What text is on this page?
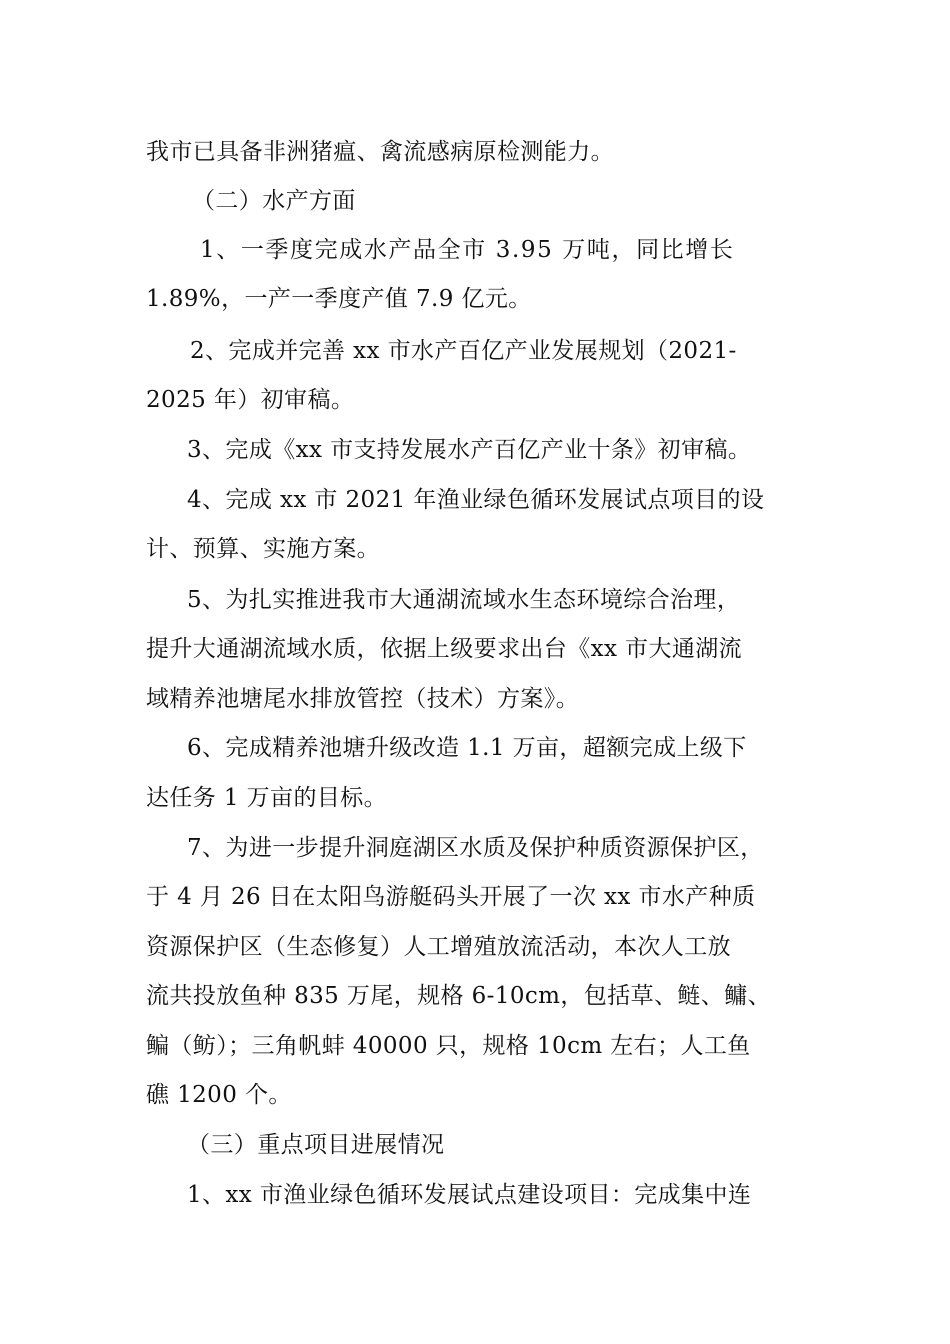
我市已具备非洲猪瘟、禽流感病原检测能力。
（二）水产方面
1、一季度完成水产品全市 3.95 万吨，同比增长
1.89%，一产一季度产值 7.9 亿元。
2、完成并完善 xx 市水产百亿产业发展规划（2021-
2025 年）初审稿。
3、完成《xx 市支持发展水产百亿产业十条》初审稿。
4、完成 xx 市 2021 年渔业绿色循环发展试点项目的设
计、预算、实施方案。
5、为扎实推进我市大通湖流域水生态环境综合治理，
提升大通湖流域水质，依据上级要求出台《xx 市大通湖流
域精养池塘尾水排放管控（技术）方案》。
6、完成精养池塘升级改造 1.1 万亩，超额完成上级下
达任务 1 万亩的目标。
7、为进一步提升洞庭湖区水质及保护种质资源保护区，
于 4 月 26 日在太阳鸟游艇码头开展了一次 xx 市水产种质
资源保护区（生态修复）人工增殖放流活动，本次人工放
流共投放鱼种 835 万尾，规格 6-10cm，包括草、鲢、鳙、
鳊（鲂）；三角帆蚌 40000 只，规格 10cm 左右；人工鱼
礁 1200 个。
（三）重点项目进展情况
1、xx 市渔业绿色循环发展试点建设项目：完成集中连
